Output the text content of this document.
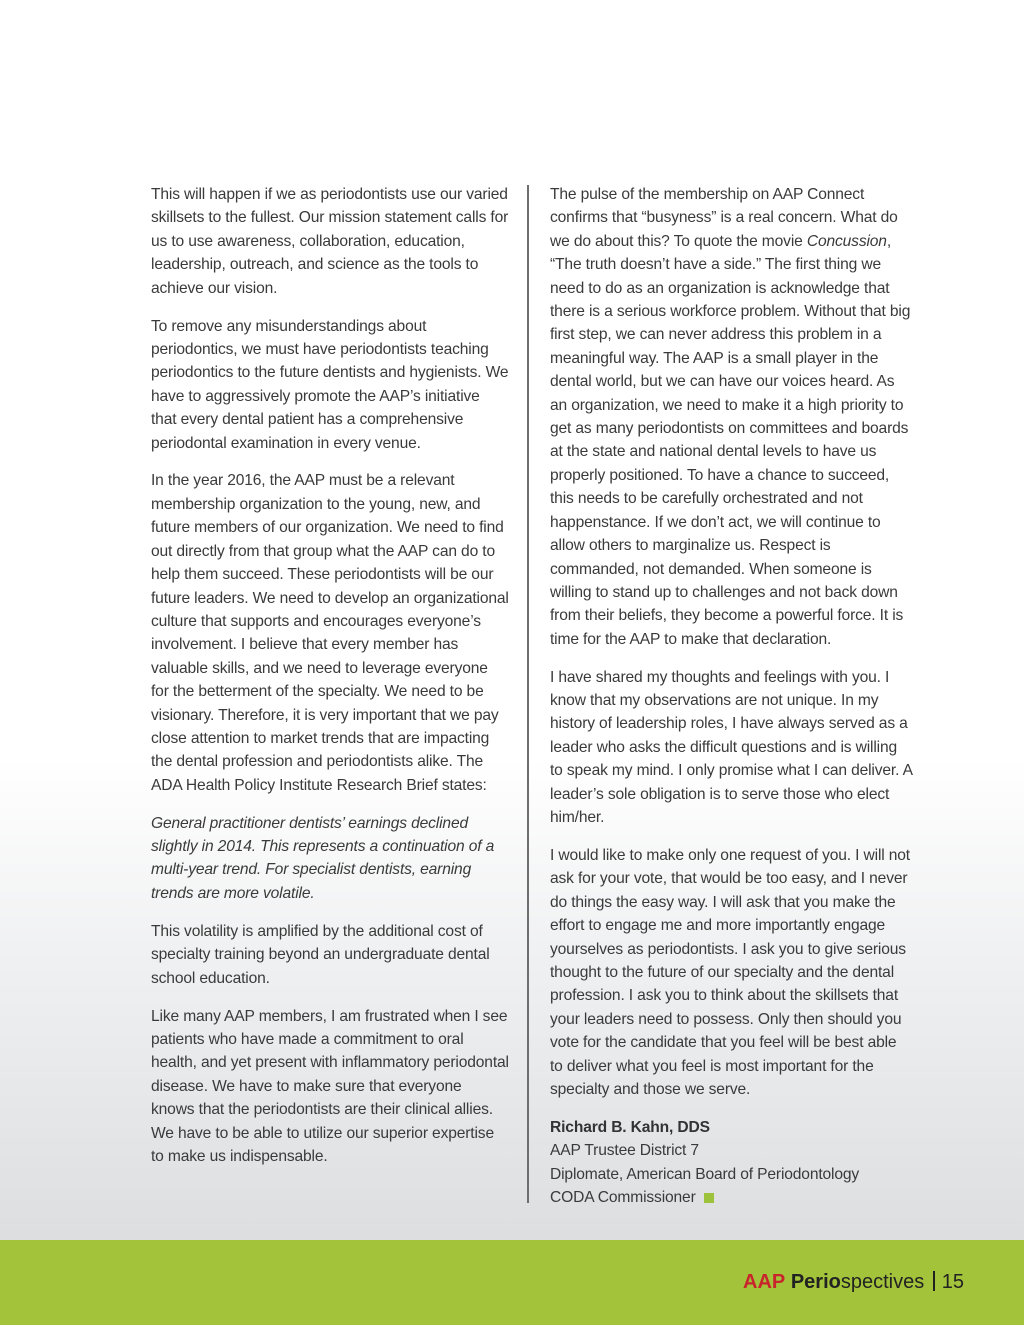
This will happen if we as periodontists use our varied skillsets to the fullest. Our mission statement calls for us to use awareness, collaboration, education, leadership, outreach, and science as the tools to achieve our vision.

To remove any misunderstandings about periodontics, we must have periodontists teaching periodontics to the future dentists and hygienists. We have to aggressively promote the AAP’s initiative that every dental patient has a comprehensive periodontal examination in every venue.

In the year 2016, the AAP must be a relevant membership organization to the young, new, and future members of our organization. We need to find out directly from that group what the AAP can do to help them succeed. These periodontists will be our future leaders. We need to develop an organizational culture that supports and encourages everyone’s involvement. I believe that every member has valuable skills, and we need to leverage everyone for the betterment of the specialty. We need to be visionary. Therefore, it is very important that we pay close attention to market trends that are impacting the dental profession and periodontists alike. The ADA Health Policy Institute Research Brief states:

General practitioner dentists’ earnings declined slightly in 2014. This represents a continuation of a multi-year trend. For specialist dentists, earning trends are more volatile.

This volatility is amplified by the additional cost of specialty training beyond an undergraduate dental school education.

Like many AAP members, I am frustrated when I see patients who have made a commitment to oral health, and yet present with inflammatory periodontal disease. We have to make sure that everyone knows that the periodontists are their clinical allies. We have to be able to utilize our superior expertise to make us indispensable.

The pulse of the membership on AAP Connect confirms that “busyness” is a real concern. What do we do about this? To quote the movie Concussion, “The truth doesn’t have a side.” The first thing we need to do as an organization is acknowledge that there is a serious workforce problem. Without that big first step, we can never address this problem in a meaningful way. The AAP is a small player in the dental world, but we can have our voices heard. As an organization, we need to make it a high priority to get as many periodontists on committees and boards at the state and national dental levels to have us properly positioned. To have a chance to succeed, this needs to be carefully orchestrated and not happenstance. If we don’t act, we will continue to allow others to marginalize us. Respect is commanded, not demanded. When someone is willing to stand up to challenges and not back down from their beliefs, they become a powerful force. It is time for the AAP to make that declaration.

I have shared my thoughts and feelings with you. I know that my observations are not unique. In my history of leadership roles, I have always served as a leader who asks the difficult questions and is willing to speak my mind. I only promise what I can deliver. A leader’s sole obligation is to serve those who elect him/her.

I would like to make only one request of you. I will not ask for your vote, that would be too easy, and I never do things the easy way. I will ask that you make the effort to engage me and more importantly engage yourselves as periodontists. I ask you to give serious thought to the future of our specialty and the dental profession. I ask you to think about the skillsets that your leaders need to possess. Only then should you vote for the candidate that you feel will be best able to deliver what you feel is most important for the specialty and those we serve.

Richard B. Kahn, DDS

AAP Trustee District 7

Diplomate, American Board of Periodontology

CODA Commissioner

AAP Periospectives 15
